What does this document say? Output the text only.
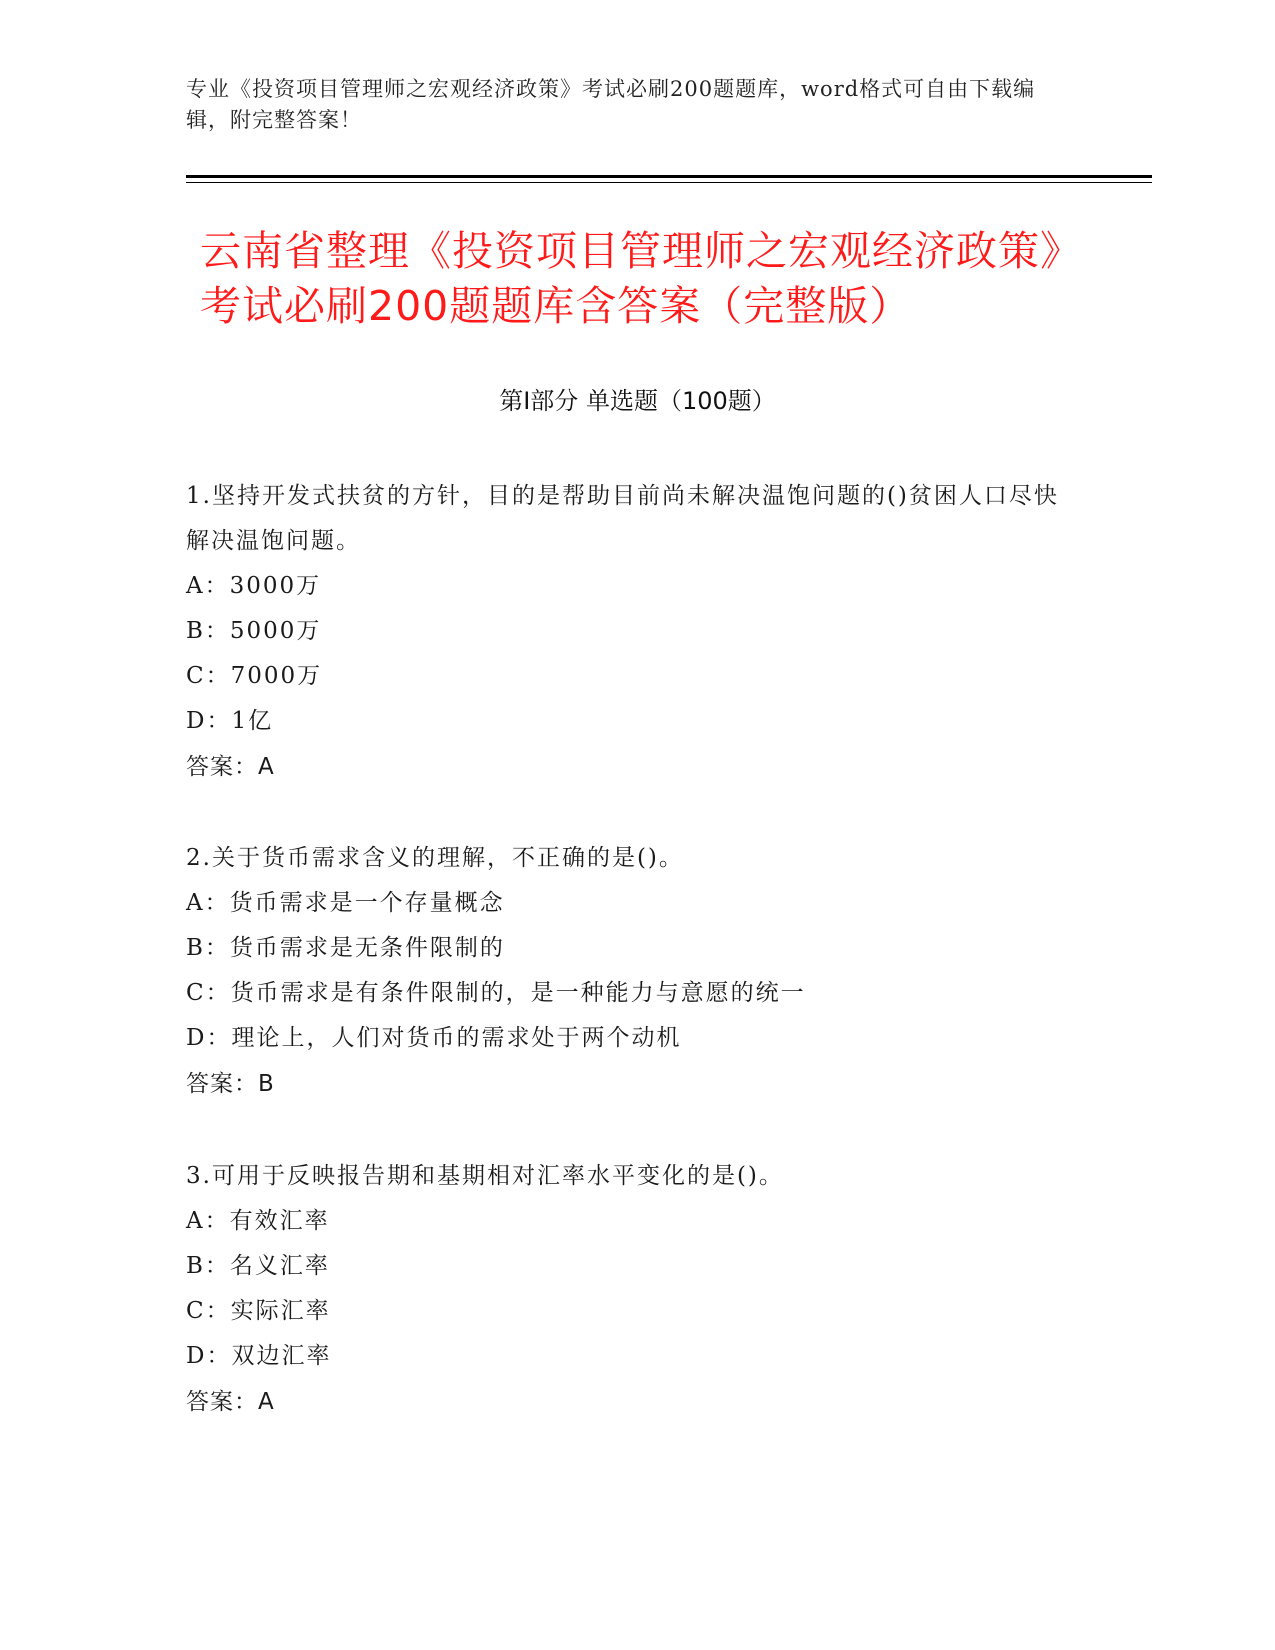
专业《投资项目管理师之宏观经济政策》考试必刷200题题库，word格式可自由下载编辑，附完整答案！
云南省整理《投资项目管理师之宏观经济政策》考试必刷200题题库含答案（完整版）
第I部分 单选题（100题）

1.坚持开发式扶贫的方针，目的是帮助目前尚未解决温饱问题的()贫困人口尽快解决温饱问题。

A：3000万

B：5000万

C：7000万

D：1亿

答案：A

2.关于货币需求含义的理解，不正确的是()。

A：货币需求是一个存量概念

B：货币需求是无条件限制的

C：货币需求是有条件限制的，是一种能力与意愿的统一

D：理论上，人们对货币的需求处于两个动机

答案：B

3.可用于反映报告期和基期相对汇率水平变化的是()。

A：有效汇率

B：名义汇率

C：实际汇率

D：双边汇率

答案：A
